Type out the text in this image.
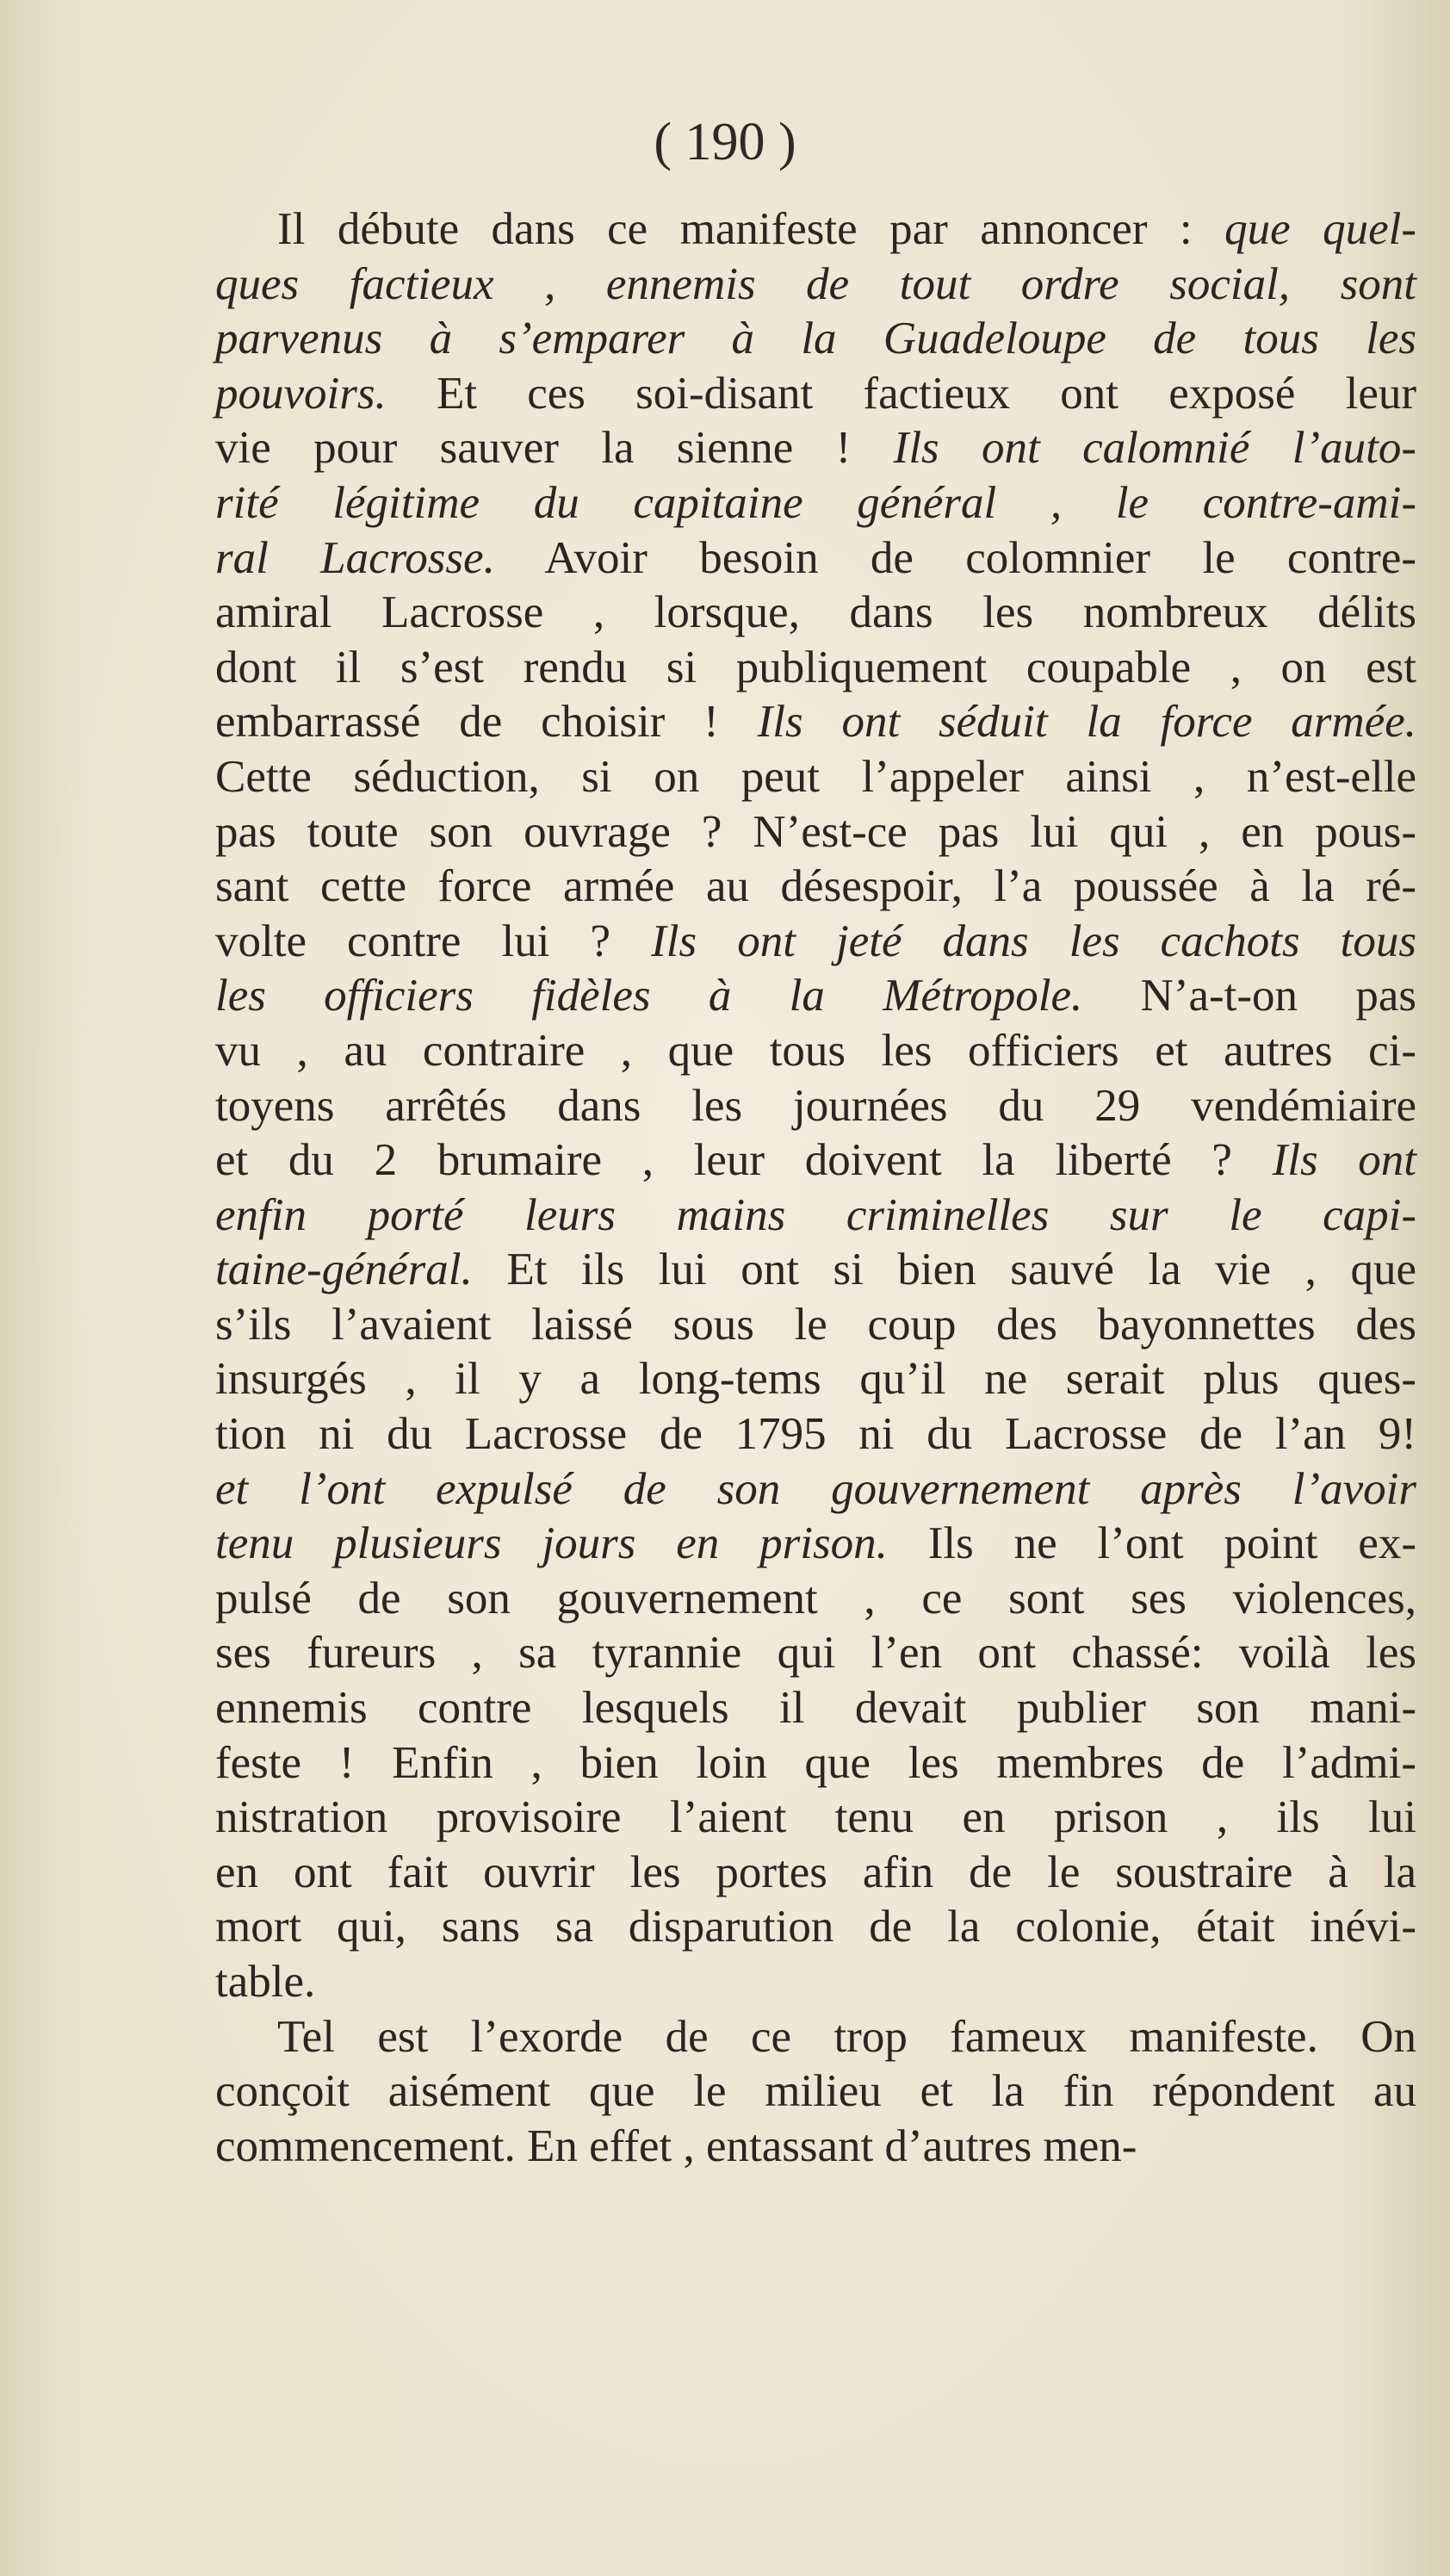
( 190 )
Il débute dans ce manifeste par annoncer : que quel-
ques factieux , ennemis de tout ordre social, sont
parvenus à s’emparer à la Guadeloupe de tous les
pouvoirs. Et ces soi-disant factieux ont exposé leur
vie pour sauver la sienne ! Ils ont calomnié l’auto-
rité légitime du capitaine général , le contre-ami-
ral Lacrosse. Avoir besoin de colomnier le contre-
amiral Lacrosse , lorsque, dans les nombreux délits
dont il s’est rendu si publiquement coupable , on est
embarrassé de choisir ! Ils ont séduit la force armée.
Cette séduction, si on peut l’appeler ainsi , n’est-elle
pas toute son ouvrage ? N’est-ce pas lui qui , en pous-
sant cette force armée au désespoir, l’a poussée à la ré-
volte contre lui ? Ils ont jeté dans les cachots tous
les officiers fidèles à la Métropole. N’a-t-on pas
vu , au contraire , que tous les officiers et autres ci-
toyens arrêtés dans les journées du 29 vendémiaire
et du 2 brumaire , leur doivent la liberté ? Ils ont
enfin porté leurs mains criminelles sur le capi-
taine-général. Et ils lui ont si bien sauvé la vie , que
s’ils l’avaient laissé sous le coup des bayonnettes des
insurgés , il y a long-tems qu’il ne serait plus ques-
tion ni du Lacrosse de 1795 ni du Lacrosse de l’an 9!
et l’ont expulsé de son gouvernement après l’avoir
tenu plusieurs jours en prison. Ils ne l’ont point ex-
pulsé de son gouvernement , ce sont ses violences,
ses fureurs , sa tyrannie qui l’en ont chassé: voilà les
ennemis contre lesquels il devait publier son mani-
feste ! Enfin , bien loin que les membres de l’admi-
nistration provisoire l’aient tenu en prison , ils lui
en ont fait ouvrir les portes afin de le soustraire à la
mort qui, sans sa disparution de la colonie, était inévi-
table.
Tel est l’exorde de ce trop fameux manifeste. On
conçoit aisément que le milieu et la fin répondent au
commencement. En effet , entassant d’autres men-
